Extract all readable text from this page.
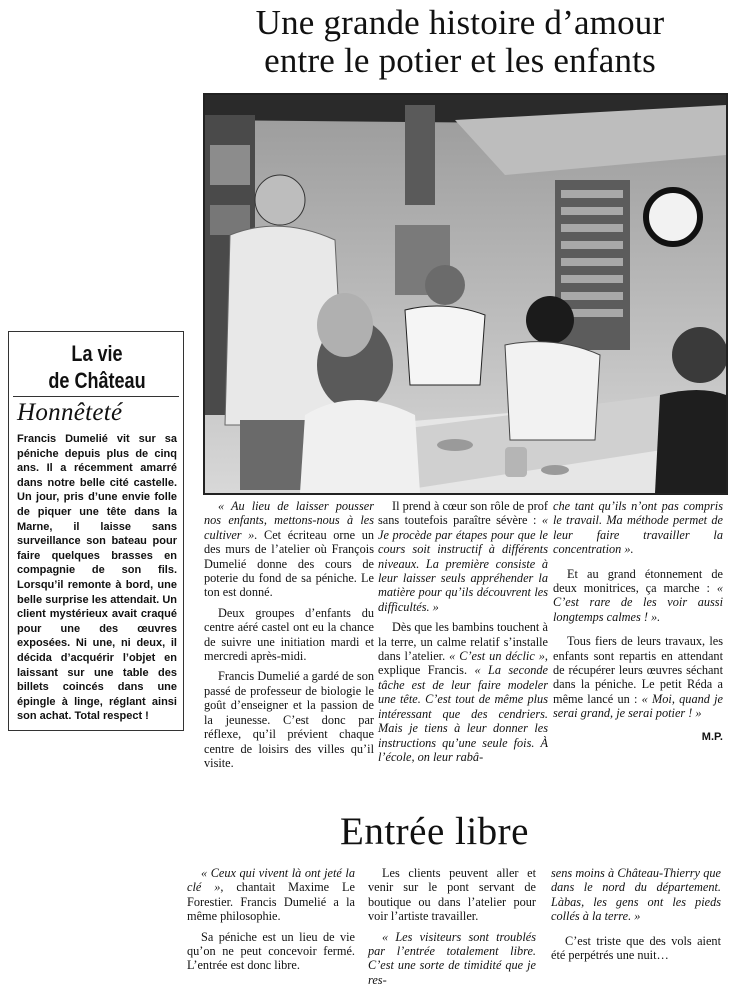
Une grande histoire d’amour
entre le potier et les enfants
La vie
de Château
Honnêteté

Francis Dumelié vit sur sa péniche depuis plus de cinq ans. Il a récemment amarré dans notre belle cité castelle. Un jour, pris d’une envie folle de piquer une tête dans la Marne, il laisse sans surveillance son bateau pour faire quelques brasses en compagnie de son fils. Lorsqu’il remonte à bord, une belle surprise les attendait. Un client mystérieux avait craqué pour une des œuvres exposées. Ni une, ni deux, il décida d’acquérir l’objet en laissant sur une table des billets coincés dans une épingle à linge, réglant ainsi son achat. Total respect !

« Au lieu de laisser pousser nos enfants, mettons-nous à les cultiver ». Cet écriteau orne un des murs de l’atelier où François Dumelié donne des cours de poterie du fond de sa péniche. Le ton est donné.

Deux groupes d’enfants du centre aéré castel ont eu la chance de suivre une initiation mardi et mercredi après-midi.

Francis Dumelié a gardé de son passé de professeur de biologie le goût d’enseigner et la passion de la jeunesse. C’est donc par réflexe, qu’il prévient chaque centre de loisirs des villes qu’il visite.

Il prend à cœur son rôle de prof sans toutefois paraître sévère : « Je procède par étapes pour que le cours soit instructif à différents niveaux. La première consiste à leur laisser seuls appréhender la matière pour qu’ils découvrent les difficultés. »

Dès que les bambins touchent à la terre, un calme relatif s’installe dans l’atelier. « C’est un déclic », explique Francis. « La seconde tâche est de leur faire modeler une tête. C’est tout de même plus intéressant que des cendriers. Mais je tiens à leur donner les instructions qu’une seule fois. À l’école, on leur rabâ-

che tant qu’ils n’ont pas compris le travail. Ma méthode permet de leur faire travailler la concentration ».

Et au grand étonnement de deux monitrices, ça marche : « C’est rare de les voir aussi longtemps calmes ! ».

Tous fiers de leurs travaux, les enfants sont repartis en attendant de récupérer leurs œuvres séchant dans la péniche. Le petit Réda a même lancé un : « Moi, quand je serai grand, je serai potier ! »

M.P.

Entrée libre

« Ceux qui vivent là ont jeté la clé », chantait Maxime Le Forestier. Francis Dumelié a la même philosophie.

Sa péniche est un lieu de vie qu’on ne peut concevoir fermé. L’entrée est donc libre.

Les clients peuvent aller et venir sur le pont servant de boutique ou dans l’atelier pour voir l’artiste travailler.

« Les visiteurs sont troublés par l’entrée totalement libre. C’est une sorte de timidité que je res-

sens moins à Château-Thierry que dans le nord du département. Làbas, les gens ont les pieds collés à la terre. »

C’est triste que des vols aient été perpétrés une nuit…
